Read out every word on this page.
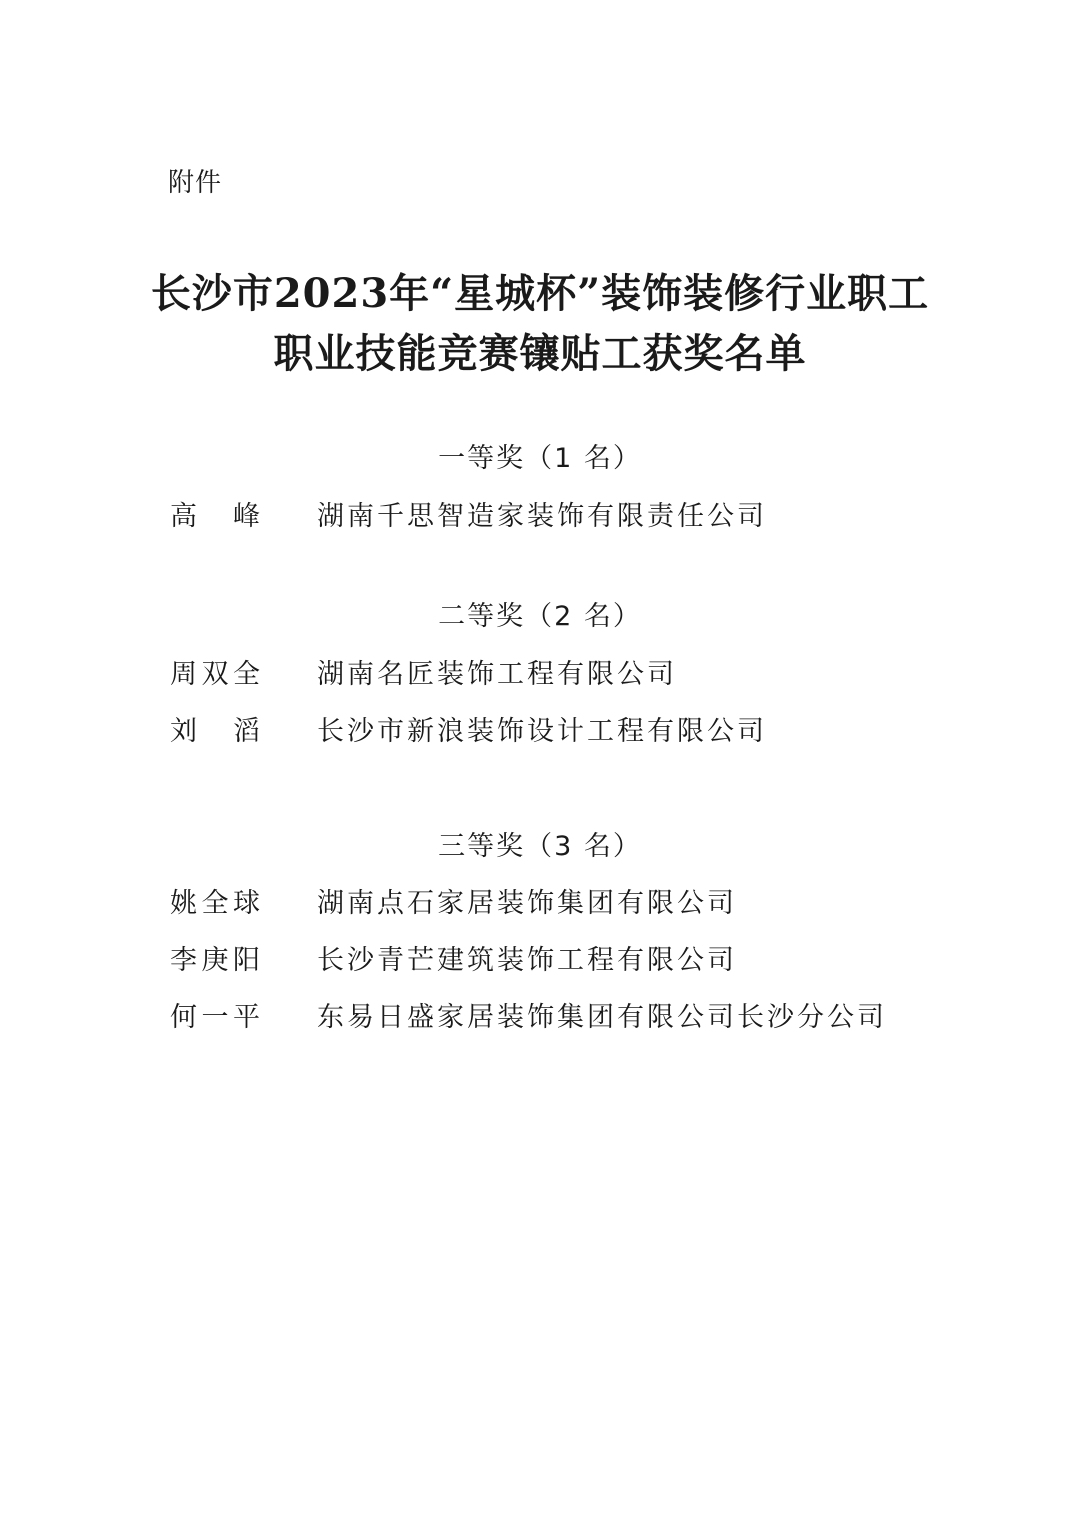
附件
长沙市2023年“星城杯”装饰装修行业职工
职业技能竞赛镶贴工获奖名单
一等奖（1 名）
高 峰 湖南千思智造家装饰有限责任公司
二等奖（2 名）
周 双 全 湖南名匠装饰工程有限公司
刘 滔 长沙市新浪装饰设计工程有限公司
三等奖（3 名）
姚 全 球 湖南点石家居装饰集团有限公司
李 庚 阳 长沙青芒建筑装饰工程有限公司
何 一 平 东易日盛家居装饰集团有限公司长沙分公司
